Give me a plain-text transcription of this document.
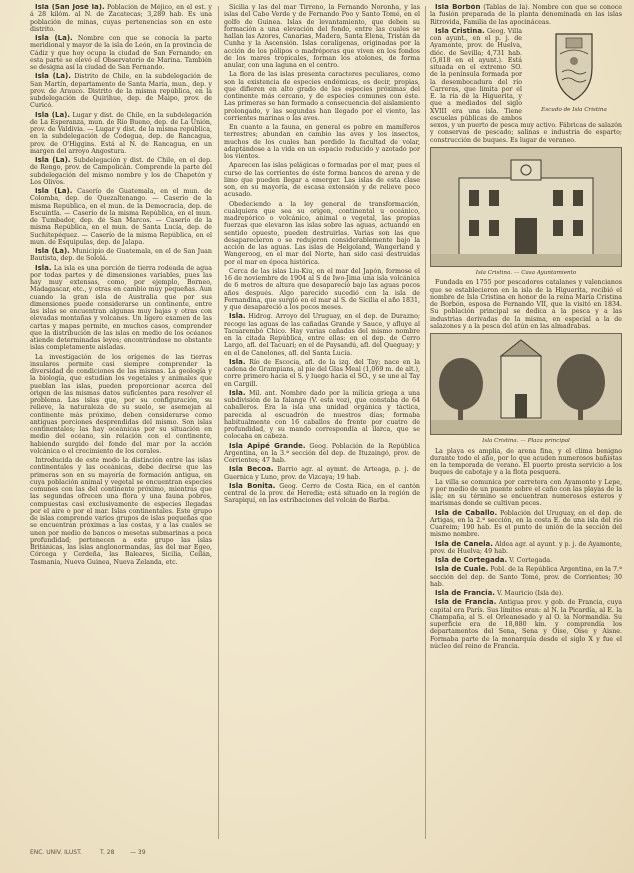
Isla (San José la). Población de Méjico, en el est. y á 28 kilóm. al N. de Zacatecas; 3,289 hab. Es una población de minas, cuyas pertenencias son en este distrito.

Isla (La). Nombre con que se conocía la parte meridional y mayor de la isla de León, en la provincia de Cádiz y que hoy ocupa la ciudad de San Fernando; en esta parte se elevó el Observatorio de Marina. También se designa así la ciudad de San Fernando.

Isla (La). Distrito de Chile, en la subdelegación de San Martín, departamento de Santa María, mun., dep. y prov. de Arauco. Distrito de la misma república, en la subdelegación de Quirihue, dep. de Maipo, prov. de Curicó.

Isla (La). Lugar y dist. de Chile, en la subdelegación de La Esperanza, mun. de Río Bueno, dep. de La Unión, prov. de Valdivia. — Lugar y dist. de la misma república, en la subdelegación de Codegua, dep. de Rancagua, prov. de O'Higgins. Está al N. de Rancagua, en un margen del arroyo Angostura.

Isla (La). Subdelegación y dist. de Chile, en el dep. de Rengo, prov. de Campolicán. Comprende la parte del subdelegación del mismo nombre y los de Chapetón y Los Olivos.

Isla (La). Caserío de Guatemala, en el mun. de Colomba, dep. de Quezaltenango. — Caserío de la misma República, en el mun. de la Democracia, dep. de Escuintla. — Caserío de la misma República, en el mun. de Tumbador, dep. de San Marcos. — Caserío de la misma República, en el mun. de Santa Lucía, dep. de Suchitepéquez. — Caserío de la misma República, en el mun. de Esquipulas, dep. de Jalapa.

Isla (La). Municipio de Guatemala, en el de San Juan Bautista, dep. de Sololá.

Isla. La isla es una porción de tierra rodeada de agua por todas partes y de dimensiones variables, pues las hay muy extensas, como, por ejemplo, Borneo, Madagascar, etc., y otras en cambio muy pequeñas. Aun cuando la gran isla de Australia que por sus dimensiones puede considerarse un continente, entre las islas se encuentran algunas muy bajas y otras con elevadas montañas y volcanes. Un ligero examen de las cartas y mapas permite, en muchos casos, comprender que la distribución de las islas en medio de los océanos atiende determinadas leyes; encontrándose no obstante islas completamente aisladas.

La investigación de los orígenes de las tierras insulares permite casi siempre comprender la diversidad de condiciones de las mismas. La geología y la biología, que estudian los vegetales y animales que pueblan las islas, pueden proporcionar acerca del origen de las mismas datos suficientes para resolver el problema. Las islas que, por su configuración, su relieve, la naturaleza de su suelo, se asemejan al continente más próximo, deben considerarse como antiguas porciones desprendidas del mismo. Son islas continentales; las hay oceánicas por su situación en medio del océano, sin relación con el continente, habiendo surgido del fondo del mar por la acción volcánica o el crecimiento de los corales.

Introducida de este modo la distinción entre las islas continentales y las oceánicas, debe decirse que las primeras son en su mayoría de formación antigua, en cuya población animal y vegetal se encuentran especies comunes con las del continente próximo, mientras que las segundas ofrecen una flora y una fauna pobres, compuestas casi exclusivamente de especies llegadas por el aire o por el mar. Islas continentales. Este grupo de islas comprende varios grupos de islas pequeñas que se encuentran próximas a las costas, y a las cuales se unen por medio de bancos o mesetas submarinas a poca profundidad; pertenecen a este grupo las islas Británicas, las islas anglonormandas, las del mar Egeo, Córcega y Cerdeña, las Baleares, Sicilia, Ceilán, Tasmania, Nueva Guinea, Nueva Zelanda, etc.

Sicilia y las del mar Tirreno, la Fernando Noronha, y las islas del Cabo Verde y de Fernando Poo y Santo Tomé, en el golfo de Guinea. Islas de levantamiento, que deben su formación a una elevación del fondo, entre las cuales se hallan las Azores, Canarias, Madera, Santa Elena, Tristán da Cunha y la Ascensión. Islas coralígenas, originadas por la acción de los pólipos o madréporas que viven en los fondos de los mares tropicales, forman los atolones, de forma anular, con una laguna en el centro.

La flora de las islas presenta caracteres peculiares, como son la existencia de especies endémicas, es decir, propias, que difieren en alto grado de las especies próximas del continente más cercano, y de especies comunes con éste. Las primeras se han formado a consecuencia del aislamiento prolongado, y las segundas han llegado por el viento, las corrientes marinas o las aves.

En cuanto a la fauna, en general es pobre en mamíferos terrestres; abundan en cambio las aves y los insectos, muchos de los cuales han perdido la facultad de volar, adaptándose a la vida en un espacio reducido y azotado por los vientos.

Aparecen las islas pelágicas o formadas por el mar, pues el curso de las corrientes de éste forma bancos de arena y de limo que pueden llegar a emerger. Las islas de esta clase son, en su mayoría, de escasa extensión y de relieve poco acusado.

Obedeciendo a la ley general de transformación, cualquiera que sea su origen, continental u oceánico, madrepórico o volcánico, animal o vegetal, las propias fuerzas que elevaron las islas sobre las aguas, actuando en sentido opuesto, pueden destruirlas. Varias son las que desaparecieron o se redujeron considerablemente bajo la acción de las aguas. Las islas de Helgoland, Wangerland y Wangeroog, en el mar del Norte, han sido casi destruidas por el mar en época histórica.

Cerca de las islas Liu-Kiu, en el mar del Japón, formose el 16 de noviembre de 1904 al S de Iwo-Jima una isla volcánica de 6 metros de altura que desapareció bajo las aguas pocos años después. Algo parecido sucedió con la isla de Fernandina, que surgió en el mar al S. de Sicilia el año 1831, y que desapareció a los pocos meses.

Isla. Hidrog. Arroyo del Uruguay, en el dep. de Durazno; recoge las aguas de las cañadas Grande y Sauce, y afluye al Tacuarembó Chico. Hay varias cañadas del mismo nombre en la citada República, entre ellas: en el dep. de Cerro Largo, afl. del Tacuarí; en el de Paysandú, afl. del Queguay; y en el de Canelones, afl. del Santa Lucía.

Isla. Río de Escocia, afl. de la izq. del Tay; nace en la cadena de Grampians, al pie del Glas Meal (1,069 m. de alt.), corre primero hacia el S. y luego hacia el SO., y se une al Tay en Cargill.

Isla. Mil. ant. Nombre dado por la milicia griega a una subdivisión de la falange (V. esta voz), que constaba de 64 caballeros. Era la isla una unidad orgánica y táctica, parecida al escuadrón de nuestros días; formaba habitualmente con 16 caballos de frente por cuatro de profundidad, y su mando correspondía al ilarca, que se colocaba en cabeza.

Isla Apipé Grande. Geog. Población de la República Argentina, en la 3.ª sección del dep. de Ituzaingó, prov. de Corrientes; 47 hab.

Isla Becoa. Barrio agr. al aymnt. de Arteaga, p. j. de Guernica y Luno, prov. de Vizcaya; 19 hab.

Isla Bonita. Geog. Cerro de Costa Rica, en el cantón central de la prov. de Heredia; está situado en la región de Sarapiquí, en las estribaciones del volcán de Barba.

Isla Borbón (Tablas de la). Nombre con que se conoce la fusión preparada de la planta denominada en las islas Ritrovida, Familia de las apocináceas.

Escudo de Isla Cristina

Isla Cristina. Geog. Villa con ayunt., en el p. j. de Ayamonte, prov. de Huelva, dióc. de Sevilla; 4,731 hab. (5,818 en el ayunt.). Está situada en el extremo SO. de la península formada por la desembocadura del río Carreras, que limita por el E. la ría de la Higuerita, y que a mediados del siglo XVIII era una isla. Tiene escuelas públicas de ambos sexos, y un puerto de pesca muy activo. Fábricas de salazón y conservas de pescado; salinas e industria de esparto; construcción de buques. Es lugar de veraneo.

Isla Cristina. — Casa Ayuntamiento

Fundada en 1755 por pescadores catalanes y valencianos que se establecieron en la isla de la Higuerita, recibió el nombre de Isla Cristina en honor de la reina María Cristina de Borbón, esposa de Fernando VII, que la visitó en 1834. Su población principal se dedica a la pesca y a las industrias derivadas de la misma, en especial a la de salazones y a la pesca del atún en las almadrabas.

Isla Cristina. — Plaza principal

La playa es amplia, de arena fina, y el clima benigno durante todo el año, por lo que acuden numerosos bañistas en la temporada de verano. El puerto presta servicio a los buques de cabotaje y a la flota pesquera.

La villa se comunica por carretera con Ayamonte y Lepe, y por medio de un puente sobre el caño con las playas de la isla; en su término se encuentran numerosos esteros y marismas donde se cultivan peces.

Isla de Caballo. Población del Uruguay, en el dep. de Artigas, en la 2.ª sección, en la costa E. de una isla del río Cuareim; 190 hab. Es el punto de unión de la sección del mismo nombre.

Isla de Canela. Aldea agr. al ayunt. y p. j. de Ayamonte, prov. de Huelva; 49 hab.

Isla de Cortegada. V. Cortegada.

Isla de Cuale. Pobl. de la República Argentina, en la 7.ª sección del dep. de Santo Tomé, prov. de Corrientes; 30 hab.

Isla de Francia. V. Mauricio (Isla de).

Isla de Francia. Antigua prov. y gob. de Francia, cuya capital era París. Sus límites eran: al N. la Picardía, al E. la Champaña, al S. el Orleanesado y al O. la Normandía. Su superficie era de 18,880 km. y comprendía los departamentos del Sena, Sena y Oise, Oise y Aisne. Formaba parte de la monarquía desde el siglo X y fue el núcleo del reino de Francia.

ENC. UNIV. ILUST.	T. 28	— 39
